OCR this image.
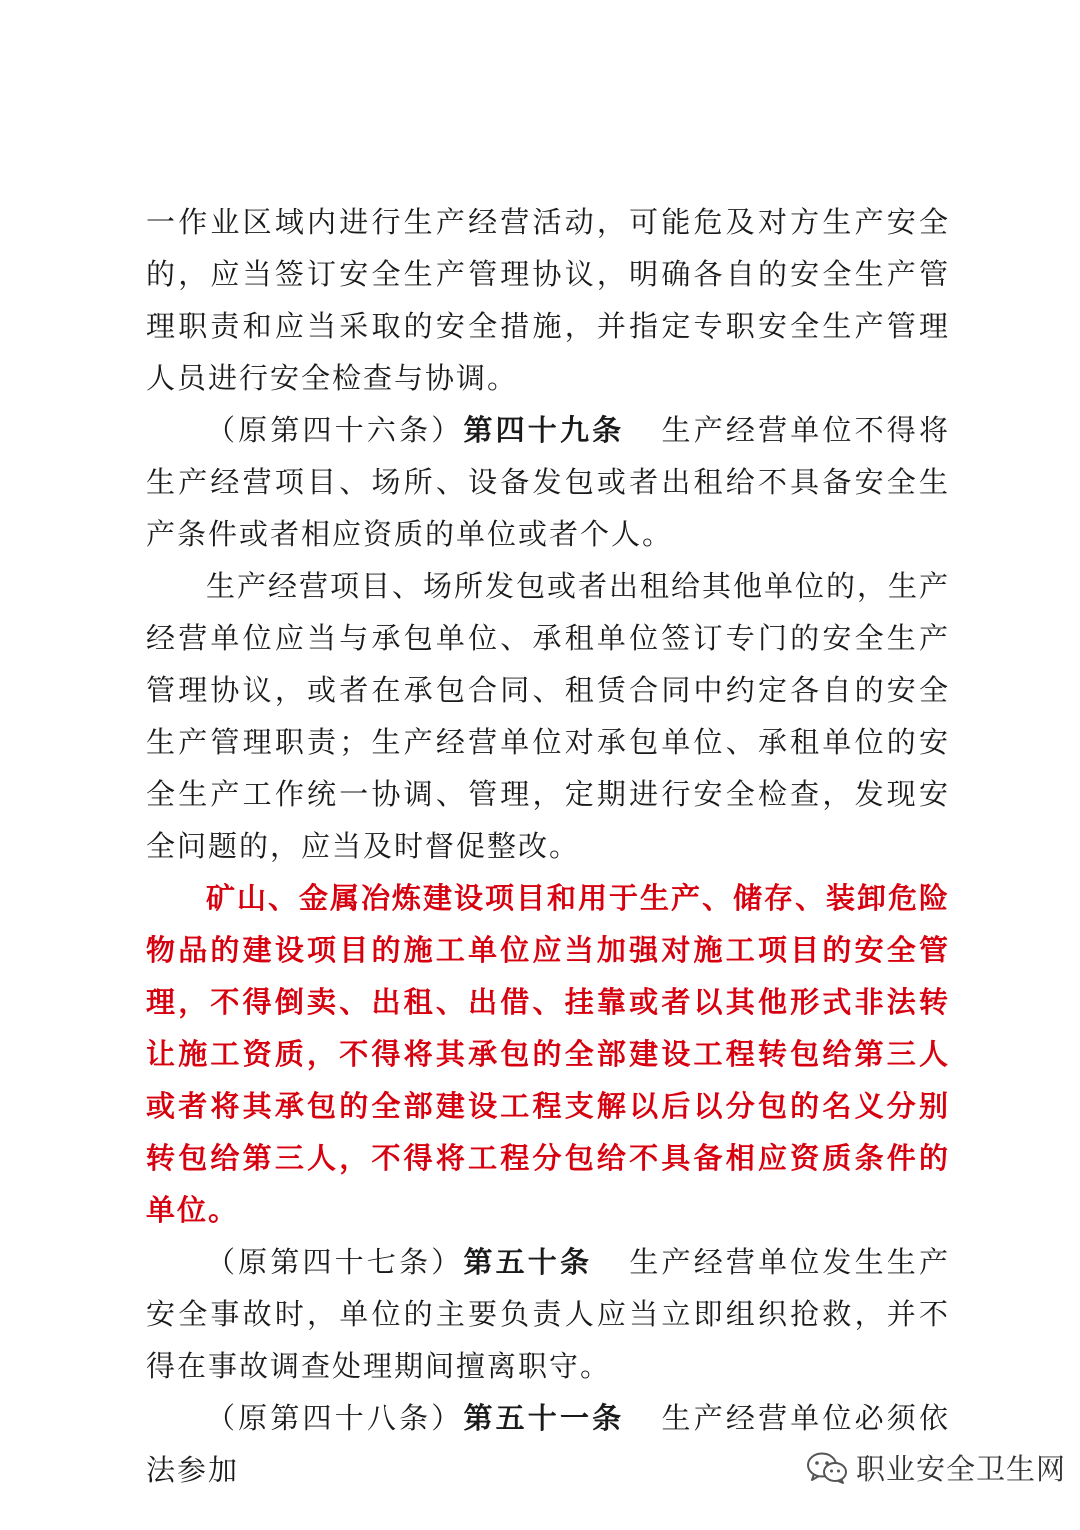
一作业区域内进行生产经营活动，可能危及对方生产安全的，应当签订安全生产管理协议，明确各自的安全生产管理职责和应当采取的安全措施，并指定专职安全生产管理人员进行安全检查与协调。

（原第四十六条）第四十九条 生产经营单位不得将生产经营项目、场所、设备发包或者出租给不具备安全生产条件或者相应资质的单位或者个人。

生产经营项目、场所发包或者出租给其他单位的，生产经营单位应当与承包单位、承租单位签订专门的安全生产管理协议，或者在承包合同、租赁合同中约定各自的安全生产管理职责；生产经营单位对承包单位、承租单位的安全生产工作统一协调、管理，定期进行安全检查，发现安全问题的，应当及时督促整改。

矿山、金属冶炼建设项目和用于生产、储存、装卸危险物品的建设项目的施工单位应当加强对施工项目的安全管理，不得倒卖、出租、出借、挂靠或者以其他形式非法转让施工资质，不得将其承包的全部建设工程转包给第三人或者将其承包的全部建设工程支解以后以分包的名义分别转包给第三人，不得将工程分包给不具备相应资质条件的单位。

（原第四十七条）第五十条 生产经营单位发生生产安全事故时，单位的主要负责人应当立即组织抢救，并不得在事故调查处理期间擅离职守。

（原第四十八条）第五十一条 生产经营单位必须依法参加	职业安全卫生网
